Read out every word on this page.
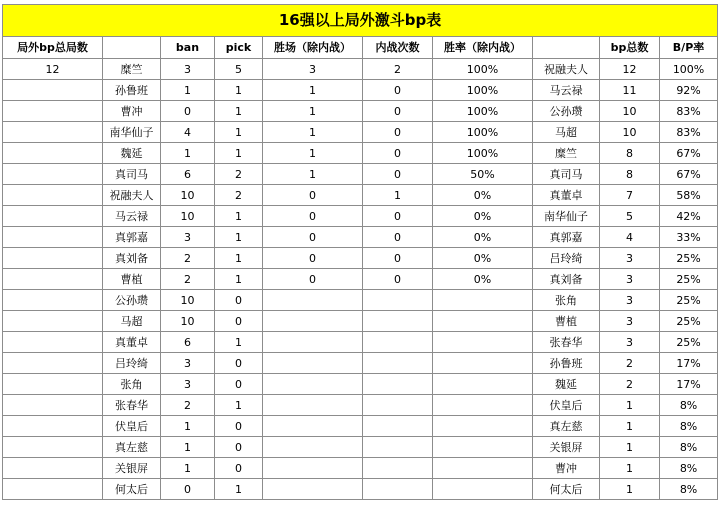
16强以上局外激斗bp表									
局外bp总局数		ban	pick	胜场（除内战）	内战次数	胜率（除内战）		bp总数	B/P率
12	糜竺	3	5	3	2	100%	祝融夫人	12	100%
	孙鲁班	1	1	1	0	100%	马云禄	11	92%
	曹冲	0	1	1	0	100%	公孙瓒	10	83%
	南华仙子	4	1	1	0	100%	马超	10	83%
	魏延	1	1	1	0	100%	糜竺	8	67%
	真司马	6	2	1	0	50%	真司马	8	67%
	祝融夫人	10	2	0	1	0%	真董卓	7	58%
	马云禄	10	1	0	0	0%	南华仙子	5	42%
	真郭嘉	3	1	0	0	0%	真郭嘉	4	33%
	真刘备	2	1	0	0	0%	吕玲绮	3	25%
	曹植	2	1	0	0	0%	真刘备	3	25%
	公孙瓒	10	0				张角	3	25%
	马超	10	0				曹植	3	25%
	真董卓	6	1				张春华	3	25%
	吕玲绮	3	0				孙鲁班	2	17%
	张角	3	0				魏延	2	17%
	张春华	2	1				伏皇后	1	8%
	伏皇后	1	0				真左慈	1	8%
	真左慈	1	0				关银屏	1	8%
	关银屏	1	0				曹冲	1	8%
	何太后	0	1				何太后	1	8%
